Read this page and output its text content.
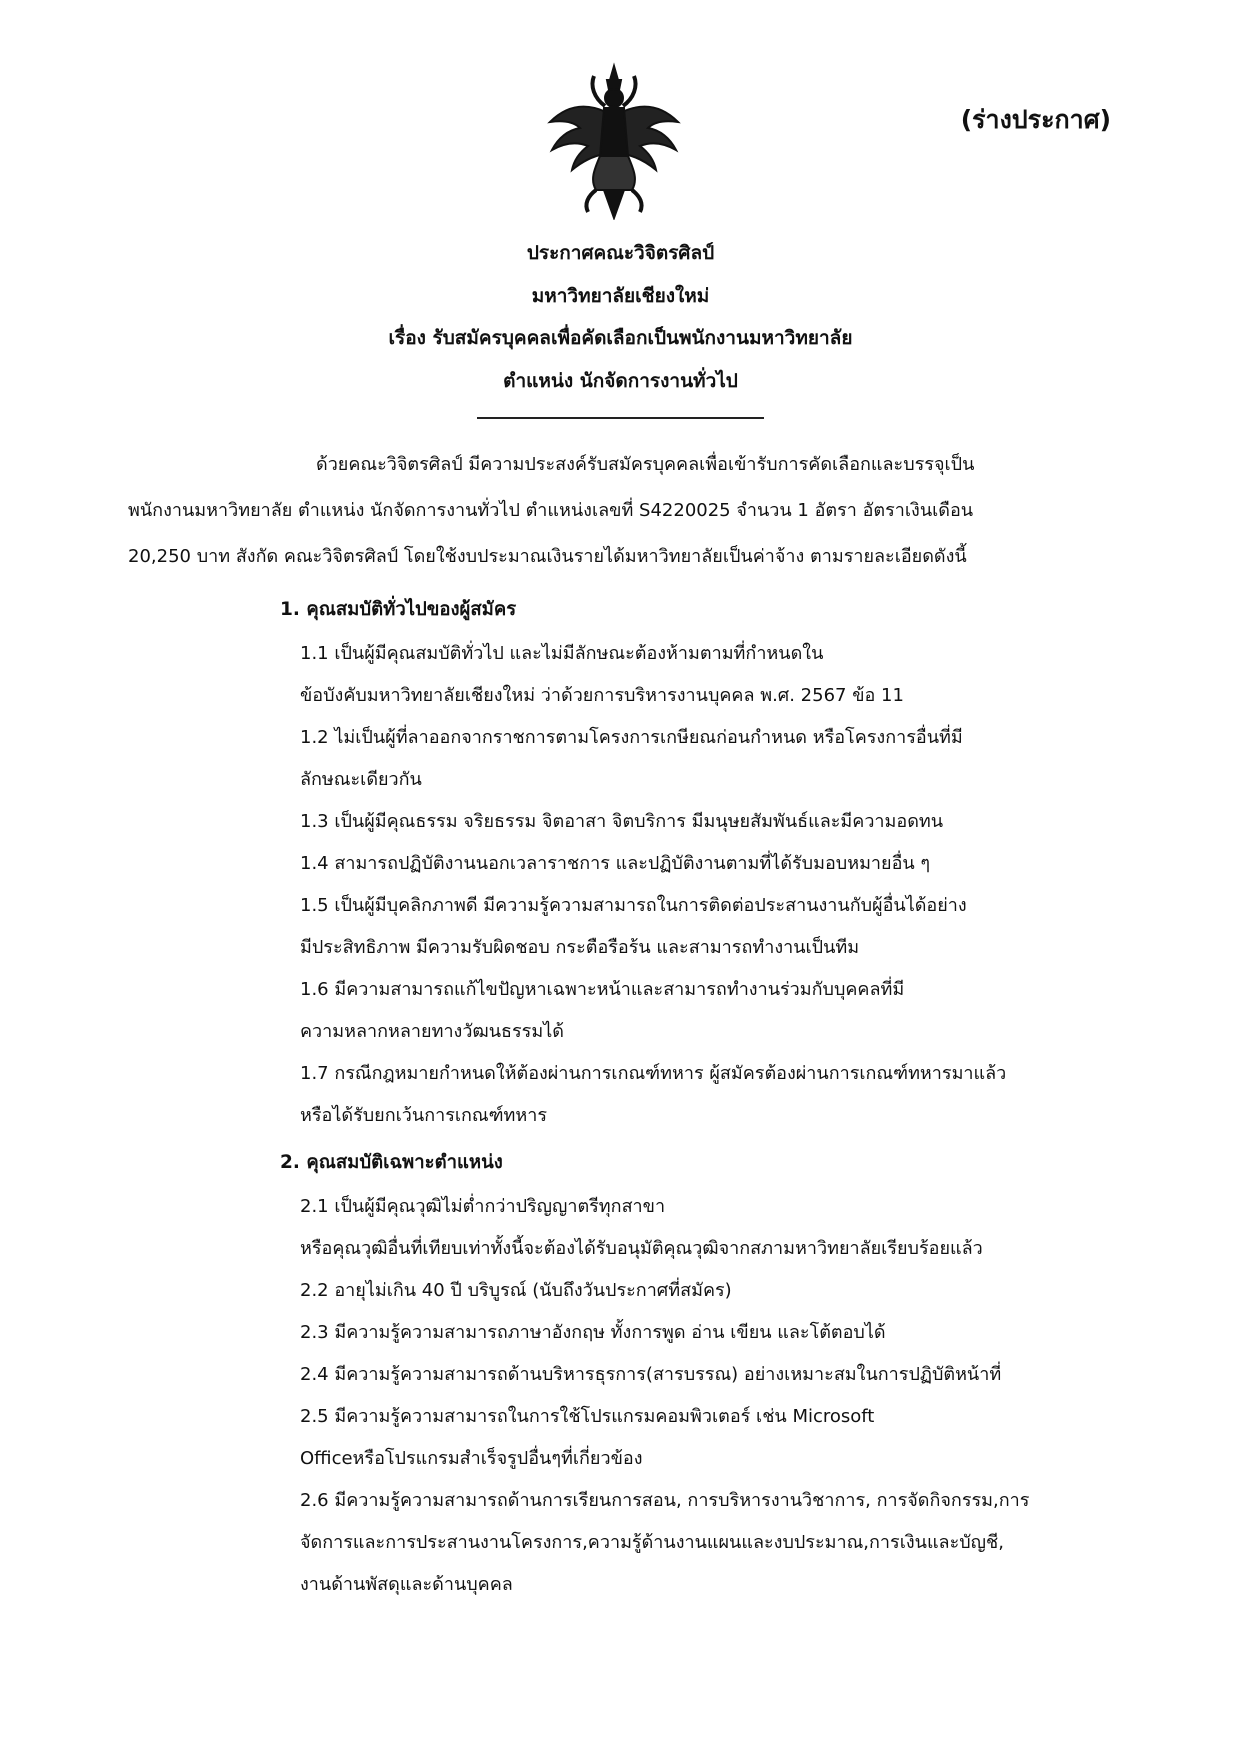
(ร่างประกาศ)
ประกาศคณะวิจิตรศิลป์
มหาวิทยาลัยเชียงใหม่
เรื่อง รับสมัครบุคคลเพื่อคัดเลือกเป็นพนักงานมหาวิทยาลัย
ตำแหน่ง นักจัดการงานทั่วไป
ด้วยคณะวิจิตรศิลป์ มีความประสงค์รับสมัครบุคคลเพื่อเข้ารับการคัดเลือกและบรรจุเป็น
พนักงานมหาวิทยาลัย ตำแหน่ง นักจัดการงานทั่วไป ตำแหน่งเลขที่ S4220025 จำนวน 1 อัตรา อัตราเงินเดือน
20,250 บาท สังกัด คณะวิจิตรศิลป์ โดยใช้งบประมาณเงินรายได้มหาวิทยาลัยเป็นค่าจ้าง ตามรายละเอียดดังนี้
1. คุณสมบัติทั่วไปของผู้สมัคร
1.1 เป็นผู้มีคุณสมบัติทั่วไป และไม่มีลักษณะต้องห้ามตามที่กำหนดใน
ข้อบังคับมหาวิทยาลัยเชียงใหม่ ว่าด้วยการบริหารงานบุคคล พ.ศ. 2567 ข้อ 11
1.2 ไม่เป็นผู้ที่ลาออกจากราชการตามโครงการเกษียณก่อนกำหนด หรือโครงการอื่นที่มี
ลักษณะเดียวกัน
1.3 เป็นผู้มีคุณธรรม จริยธรรม จิตอาสา จิตบริการ มีมนุษยสัมพันธ์และมีความอดทน
1.4 สามารถปฏิบัติงานนอกเวลาราชการ และปฏิบัติงานตามที่ได้รับมอบหมายอื่น ๆ
1.5 เป็นผู้มีบุคลิกภาพดี มีความรู้ความสามารถในการติดต่อประสานงานกับผู้อื่นได้อย่าง
มีประสิทธิภาพ มีความรับผิดชอบ กระตือรือร้น และสามารถทำงานเป็นทีม
1.6 มีความสามารถแก้ไขปัญหาเฉพาะหน้าและสามารถทำงานร่วมกับบุคคลที่มี
ความหลากหลายทางวัฒนธรรมได้
1.7 กรณีกฎหมายกำหนดให้ต้องผ่านการเกณฑ์ทหาร ผู้สมัครต้องผ่านการเกณฑ์ทหารมาแล้ว
หรือได้รับยกเว้นการเกณฑ์ทหาร
2. คุณสมบัติเฉพาะตำแหน่ง
2.1 เป็นผู้มีคุณวุฒิไม่ต่ำกว่าปริญญาตรีทุกสาขา
หรือคุณวุฒิอื่นที่เทียบเท่าทั้งนี้จะต้องได้รับอนุมัติคุณวุฒิจากสภามหาวิทยาลัยเรียบร้อยแล้ว
2.2 อายุไม่เกิน 40 ปี บริบูรณ์ (นับถึงวันประกาศที่สมัคร)
2.3 มีความรู้ความสามารถภาษาอังกฤษ ทั้งการพูด อ่าน เขียน และโต้ตอบได้
2.4 มีความรู้ความสามารถด้านบริหารธุรการ(สารบรรณ) อย่างเหมาะสมในการปฏิบัติหน้าที่
2.5 มีความรู้ความสามารถในการใช้โปรแกรมคอมพิวเตอร์ เช่น Microsoft
Officeหรือโปรแกรมสำเร็จรูปอื่นๆที่เกี่ยวข้อง
2.6 มีความรู้ความสามารถด้านการเรียนการสอน, การบริหารงานวิชาการ, การจัดกิจกรรม,การ
จัดการและการประสานงานโครงการ,ความรู้ด้านงานแผนและงบประมาณ,การเงินและบัญชี,
งานด้านพัสดุและด้านบุคคล
